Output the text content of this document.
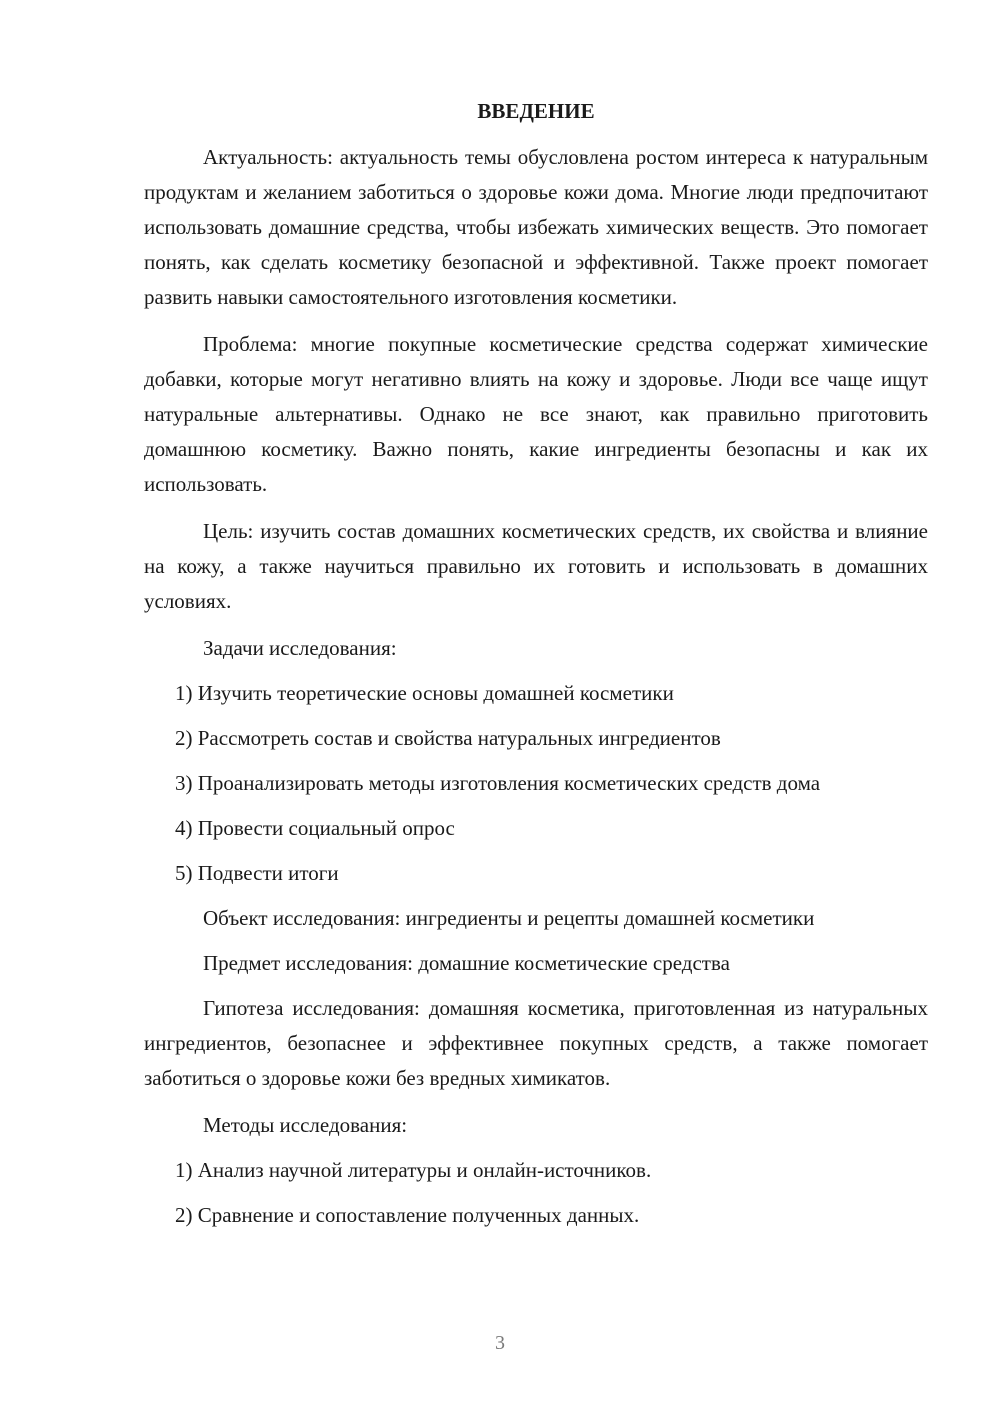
ВВЕДЕНИЕ

Актуальность: актуальность темы обусловлена ростом интереса к натуральным продуктам и желанием заботиться о здоровье кожи дома. Многие люди предпочитают использовать домашние средства, чтобы избежать химических веществ. Это помогает понять, как сделать косметику безопасной и эффективной. Также проект помогает развить навыки самостоятельного изготовления косметики.

Проблема: многие покупные косметические средства содержат химические добавки, которые могут негативно влиять на кожу и здоровье. Люди все чаще ищут натуральные альтернативы. Однако не все знают, как правильно приготовить домашнюю косметику. Важно понять, какие ингредиенты безопасны и как их использовать.

Цель: изучить состав домашних косметических средств, их свойства и влияние на кожу, а также научиться правильно их готовить и использовать в домашних условиях.

Задачи исследования:
1) Изучить теоретические основы домашней косметики
2) Рассмотреть состав и свойства натуральных ингредиентов
3) Проанализировать методы изготовления косметических средств дома
4) Провести социальный опрос
5) Подвести итоги
Объект исследования: ингредиенты и рецепты домашней косметики
Предмет исследования: домашние косметические средства

Гипотеза исследования: домашняя косметика, приготовленная из натуральных ингредиентов, безопаснее и эффективнее покупных средств, а также помогает заботиться о здоровье кожи без вредных химикатов.

Методы исследования:
1) Анализ научной литературы и онлайн-источников.
2) Сравнение и сопоставление полученных данных.
3
